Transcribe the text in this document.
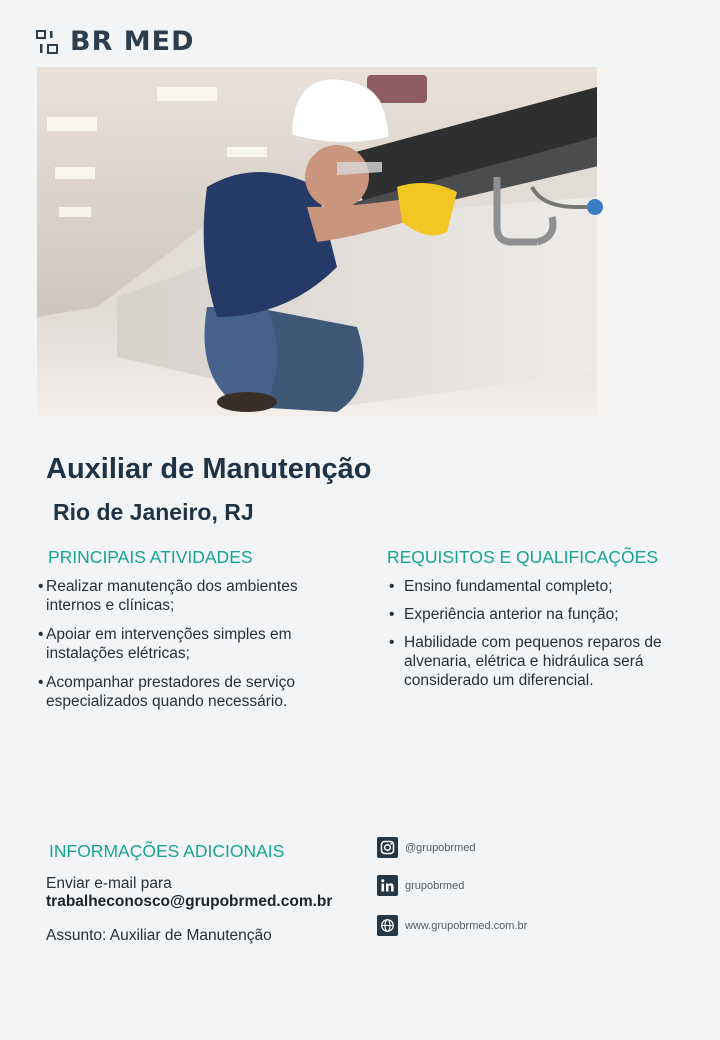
BR MED
Auxiliar de Manutenção
Rio de Janeiro, RJ
PRINCIPAIS ATIVIDADES
• Realizar manutenção dos ambientes internos e clínicas;
• Apoiar em intervenções simples em instalações elétricas;
• Acompanhar prestadores de serviço especializados quando necessário.
REQUISITOS E QUALIFICAÇÕES
• Ensino fundamental completo;
• Experiência anterior na função;
• Habilidade com pequenos reparos de alvenaria, elétrica e hidráulica será considerado um diferencial.
INFORMAÇÕES ADICIONAIS

Enviar e-mail para

trabalheconosco@grupobrmed.com.br

Assunto: Auxiliar de Manutenção

@grupobrmed
grupobrmed
www.grupobrmed.com.br
